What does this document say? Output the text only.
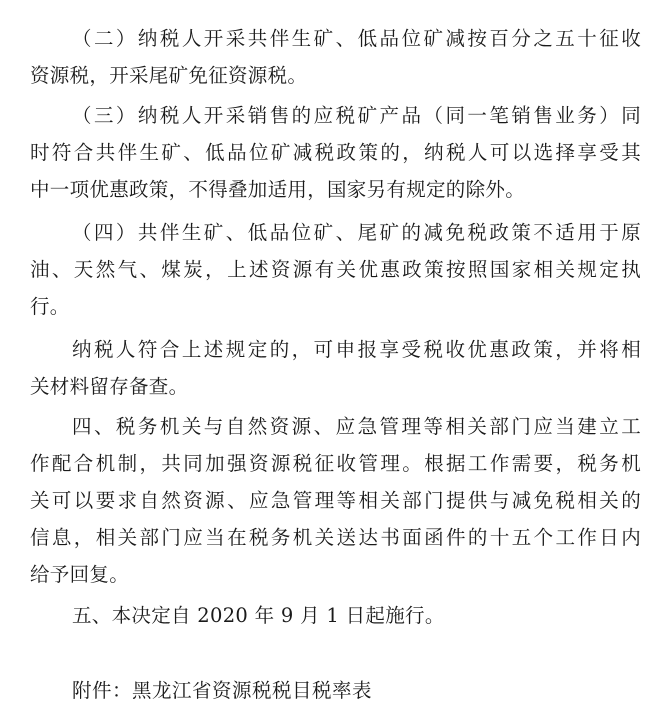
（二）纳税人开采共伴生矿、低品位矿减按百分之五十征收
资源税，开采尾矿免征资源税。
（三）纳税人开采销售的应税矿产品（同一笔销售业务）同
时符合共伴生矿、低品位矿减税政策的，纳税人可以选择享受其
中一项优惠政策，不得叠加适用，国家另有规定的除外。
（四）共伴生矿、低品位矿、尾矿的减免税政策不适用于原
油、天然气、煤炭，上述资源有关优惠政策按照国家相关规定执
行。
纳税人符合上述规定的，可申报享受税收优惠政策，并将相
关材料留存备查。
四、税务机关与自然资源、应急管理等相关部门应当建立工
作配合机制，共同加强资源税征收管理。根据工作需要，税务机
关可以要求自然资源、应急管理等相关部门提供与减免税相关的
信息，相关部门应当在税务机关送达书面函件的十五个工作日内
给予回复。
五、本决定自 2020 年 9 月 1 日起施行。
附件：黑龙江省资源税税目税率表
